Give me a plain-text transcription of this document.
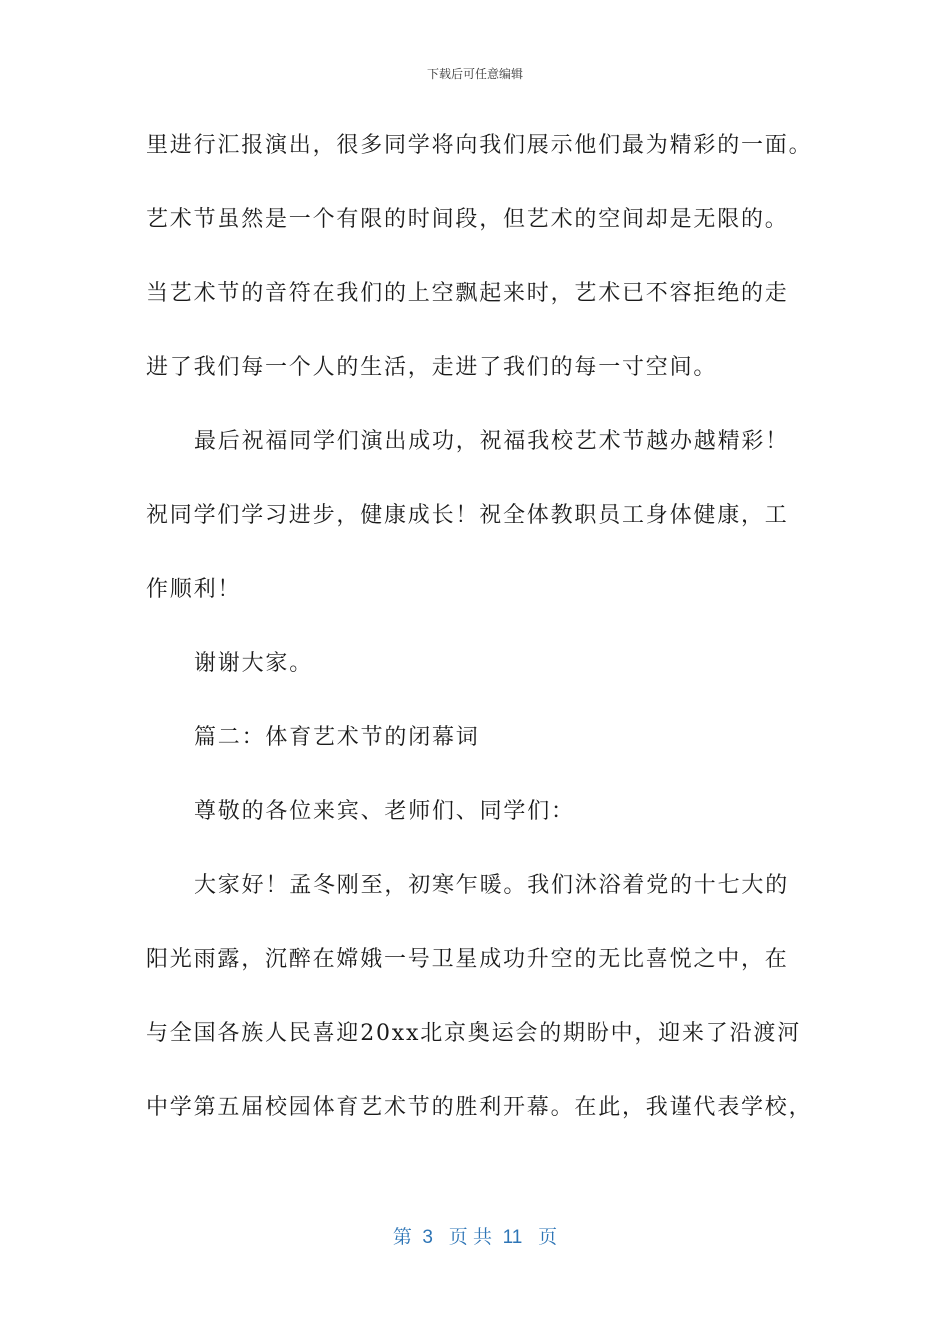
下载后可任意编辑
里进行汇报演出，很多同学将向我们展示他们最为精彩的一面。
艺术节虽然是一个有限的时间段，但艺术的空间却是无限的。
当艺术节的音符在我们的上空飘起来时，艺术已不容拒绝的走
进了我们每一个人的生活，走进了我们的每一寸空间。
最后祝福同学们演出成功，祝福我校艺术节越办越精彩！
祝同学们学习进步，健康成长！祝全体教职员工身体健康，工
作顺利！
谢谢大家。
篇二：体育艺术节的闭幕词
尊敬的各位来宾、老师们、同学们：
大家好！孟冬刚至，初寒乍暖。我们沐浴着党的十七大的
阳光雨露，沉醉在嫦娥一号卫星成功升空的无比喜悦之中，在
与全国各族人民喜迎20xx北京奥运会的期盼中，迎来了沿渡河
中学第五届校园体育艺术节的胜利开幕。在此，我谨代表学校，
第  3   页 共  11   页
